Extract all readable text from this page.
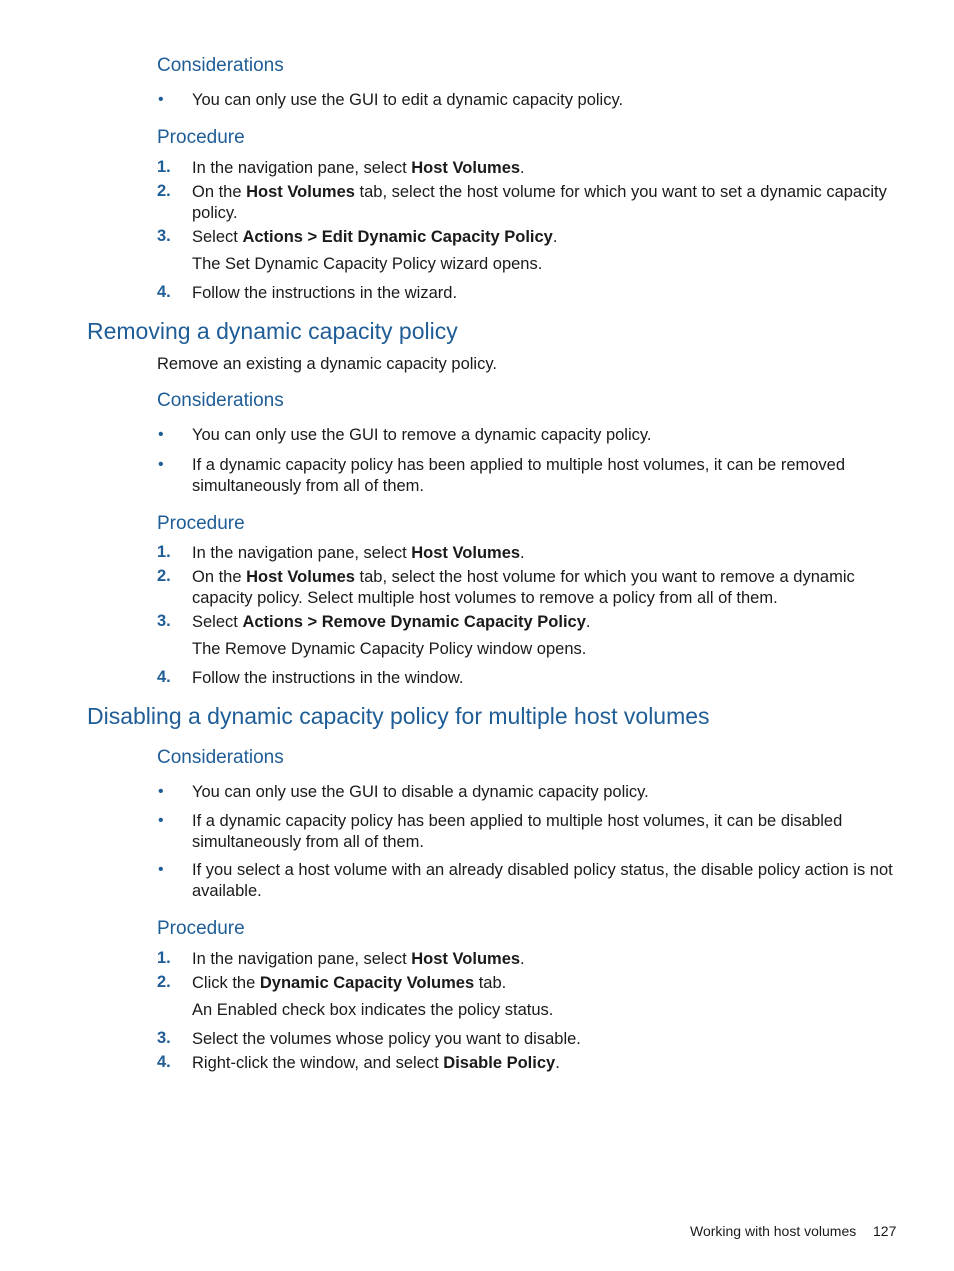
Considerations
• You can only use the GUI to edit a dynamic capacity policy.
Procedure
1. In the navigation pane, select Host Volumes.
2. On the Host Volumes tab, select the host volume for which you want to set a dynamic capacity policy.
3. Select Actions > Edit Dynamic Capacity Policy.
The Set Dynamic Capacity Policy wizard opens.
4. Follow the instructions in the wizard.
Removing a dynamic capacity policy
Remove an existing a dynamic capacity policy.
Considerations
• You can only use the GUI to remove a dynamic capacity policy.
• If a dynamic capacity policy has been applied to multiple host volumes, it can be removed simultaneously from all of them.
Procedure
1. In the navigation pane, select Host Volumes.
2. On the Host Volumes tab, select the host volume for which you want to remove a dynamic capacity policy. Select multiple host volumes to remove a policy from all of them.
3. Select Actions > Remove Dynamic Capacity Policy.
The Remove Dynamic Capacity Policy window opens.
4. Follow the instructions in the window.
Disabling a dynamic capacity policy for multiple host volumes
Considerations
• You can only use the GUI to disable a dynamic capacity policy.
• If a dynamic capacity policy has been applied to multiple host volumes, it can be disabled simultaneously from all of them.
• If you select a host volume with an already disabled policy status, the disable policy action is not available.
Procedure
1. In the navigation pane, select Host Volumes.
2. Click the Dynamic Capacity Volumes tab.
An Enabled check box indicates the policy status.
3. Select the volumes whose policy you want to disable.
4. Right-click the window, and select Disable Policy.
Working with host volumes 127
